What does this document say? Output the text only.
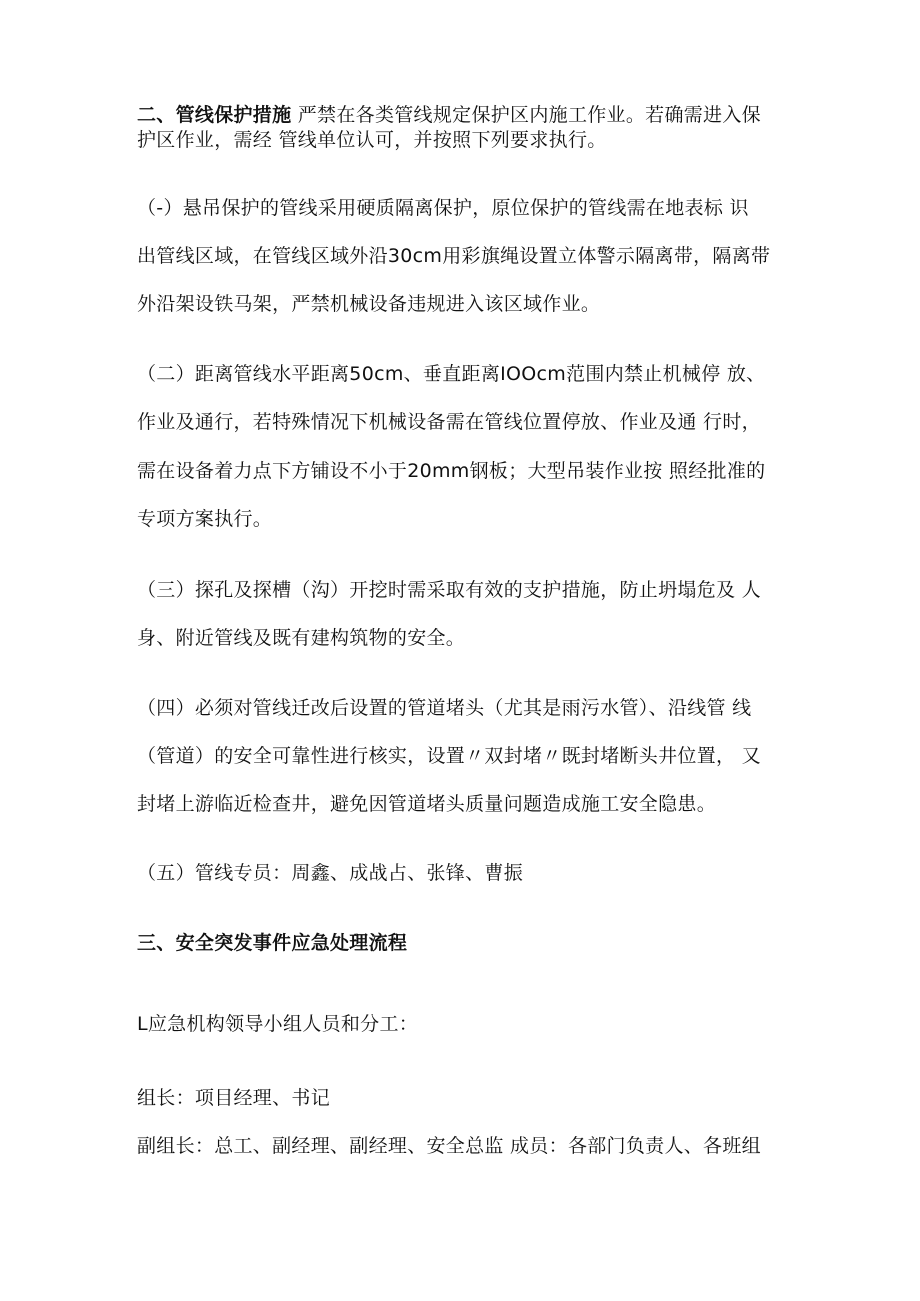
二、管线保护措施 严禁在各类管线规定保护区内施工作业。若确需进入保
护区作业，需经 管线单位认可，并按照下列要求执行。
（-）悬吊保护的管线采用硬质隔离保护，原位保护的管线需在地表标 识
出管线区域，在管线区域外沿30cm用彩旗绳设置立体警示隔离带，隔离带
外沿架设铁马架，严禁机械设备违规进入该区域作业。
（二）距离管线水平距离50cm、垂直距离IOOcm范围内禁止机械停 放、
作业及通行，若特殊情况下机械设备需在管线位置停放、作业及通 行时，
需在设备着力点下方铺设不小于20mm钢板；大型吊装作业按 照经批准的
专项方案执行。
（三）探孔及探槽（沟）开挖时需采取有效的支护措施，防止坍塌危及 人
身、附近管线及既有建构筑物的安全。
（四）必须对管线迁改后设置的管道堵头（尤其是雨污水管）、沿线管 线
（管道）的安全可靠性进行核实，设置〃双封堵〃既封堵断头井位置， 又
封堵上游临近检查井，避免因管道堵头质量问题造成施工安全隐患。
（五）管线专员：周鑫、成战占、张锋、曹振
三、安全突发事件应急处理流程
L应急机构领导小组人员和分工：
组长：项目经理、书记
副组长：总工、副经理、副经理、安全总监 成员：各部门负责人、各班组
